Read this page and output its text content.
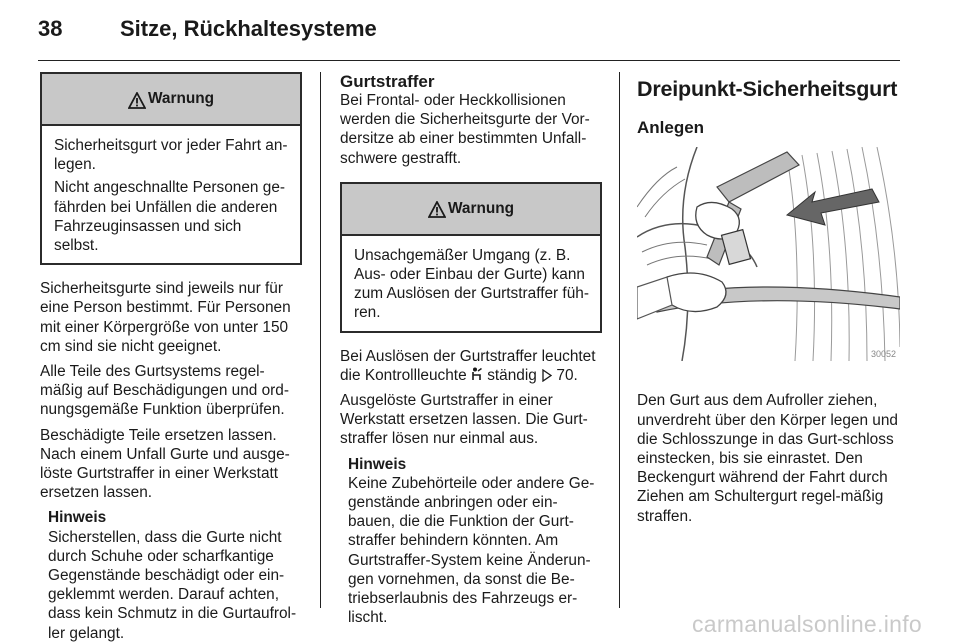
38	Sitze, Rückhaltesysteme
Warnung

Sicherheitsgurt vor jeder Fahrt an-legen.

Nicht angeschnallte Personen ge-fährden bei Unfällen die anderen Fahrzeuginsassen und sich selbst.

Sicherheitsgurte sind jeweils nur für eine Person bestimmt. Für Personen mit einer Körpergröße von unter 150 cm sind sie nicht geeignet.

Alle Teile des Gurtsystems regel-mäßig auf Beschädigungen und ord-nungsgemäße Funktion überprüfen.

Beschädigte Teile ersetzen lassen. Nach einem Unfall Gurte und ausge-löste Gurtstraffer in einer Werkstatt ersetzen lassen.

Hinweis
Sicherstellen, dass die Gurte nicht durch Schuhe oder scharfkantige Gegenstände beschädigt oder ein-geklemmt werden. Darauf achten, dass kein Schmutz in die Gurtaufrol-ler gelangt.
Gurtstraffer

Bei Frontal- oder Heckkollisionen werden die Sicherheitsgurte der Vor-dersitze ab einer bestimmten Unfall-schwere gestrafft.

Warnung

Unsachgemäßer Umgang (z. B. Aus- oder Einbau der Gurte) kann zum Auslösen der Gurtstraffer füh-ren.

Bei Auslösen der Gurtstraffer leuchtet die Kontrollleuchte ständig 70.

Ausgelöste Gurtstraffer in einer Werkstatt ersetzen lassen. Die Gurt-straffer lösen nur einmal aus.

Hinweis
Keine Zubehörteile oder andere Ge-genstände anbringen oder ein-bauen, die die Funktion der Gurt-straffer behindern könnten. Am Gurtstraffer-System keine Änderun-gen vornehmen, da sonst die Be-triebserlaubnis des Fahrzeugs er-lischt.
Dreipunkt-Sicherheitsgurt
Anlegen
30052

Den Gurt aus dem Aufroller ziehen, unverdreht über den Körper legen und die Schlosszunge in das Gurt-schloss einstecken, bis sie einrastet. Den Beckengurt während der Fahrt durch Ziehen am Schultergurt regel-mäßig straffen.

carmanualsonline.info
